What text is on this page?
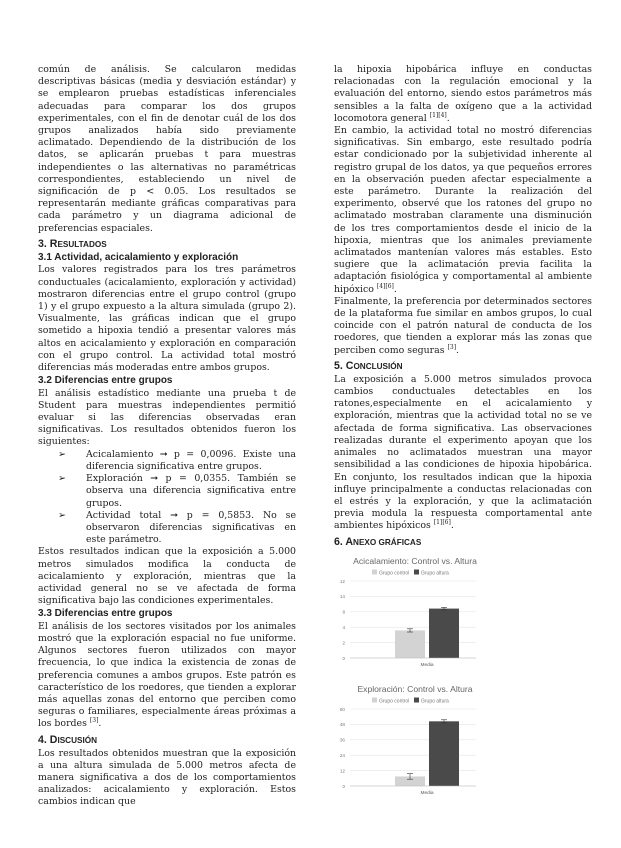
común de análisis. Se calcularon medidas descriptivas básicas (media y desviación estándar) y se emplearon pruebas estadísticas inferenciales adecuadas para comparar los dos grupos experimentales, con el fin de denotar cuál de los dos grupos analizados había sido previamente aclimatado. Dependiendo de la distribución de los datos, se aplicarán pruebas t para muestras independientes o las alternativas no paramétricas correspondientes, estableciendo un nivel de significación de p < 0.05. Los resultados se representarán mediante gráficas comparativas para cada parámetro y un diagrama adicional de preferencias espaciales.

3. RESULTADOS
3.1 Actividad, acicalamiento y exploración

Los valores registrados para los tres parámetros conductuales (acicalamiento, exploración y actividad) mostraron diferencias entre el grupo control (grupo 1) y el grupo expuesto a la altura simulada (grupo 2). Visualmente, las gráficas indican que el grupo sometido a hipoxia tendió a presentar valores más altos en acicalamiento y exploración en comparación con el grupo control. La actividad total mostró diferencias más moderadas entre ambos grupos.

3.2 Diferencias entre grupos

El análisis estadístico mediante una prueba t de Student para muestras independientes permitió evaluar si las diferencias observadas eran significativas. Los resultados obtenidos fueron los siguientes:

➢ Acicalamiento ➞ p = 0,0096. Existe una diferencia significativa entre grupos.
➢ Exploración ➞ p = 0,0355. También se observa una diferencia significativa entre grupos.
➢ Actividad total ➞ p = 0,5853. No se observaron diferencias significativas en este parámetro.

Estos resultados indican que la exposición a 5.000 metros simulados modifica la conducta de acicalamiento y exploración, mientras que la actividad general no se ve afectada de forma significativa bajo las condiciones experimentales.

3.3 Diferencias entre grupos

El análisis de los sectores visitados por los animales mostró que la exploración espacial no fue uniforme. Algunos sectores fueron utilizados con mayor frecuencia, lo que indica la existencia de zonas de preferencia comunes a ambos grupos. Este patrón es característico de los roedores, que tienden a explorar más aquellas zonas del entorno que perciben como seguras o familiares, especialmente áreas próximas a los bordes [3].

4. DISCUSIÓN

Los resultados obtenidos muestran que la exposición a una altura simulada de 5.000 metros afecta de manera significativa a dos de los comportamientos analizados: acicalamiento y exploración. Estos cambios indican que

la hipoxia hipobárica influye en conductas relacionadas con la regulación emocional y la evaluación del entorno, siendo estos parámetros más sensibles a la falta de oxígeno que a la actividad locomotora general [1][4].

En cambio, la actividad total no mostró diferencias significativas. Sin embargo, este resultado podría estar condicionado por la subjetividad inherente al registro grupal de los datos, ya que pequeños errores en la observación pueden afectar especialmente a este parámetro. Durante la realización del experimento, observé que los ratones del grupo no aclimatado mostraban claramente una disminución de los tres comportamientos desde el inicio de la hipoxia, mientras que los animales previamente aclimatados mantenían valores más estables. Esto sugiere que la aclimatación previa facilita la adaptación fisiológica y comportamental al ambiente hipóxico [4][6].

Finalmente, la preferencia por determinados sectores de la plataforma fue similar en ambos grupos, lo cual coincide con el patrón natural de conducta de los roedores, que tienden a explorar más las zonas que perciben como seguras [3].

5. CONCLUSIÓN

La exposición a 5.000 metros simulados provoca cambios conductuales detectables en los ratones,especialmente en el acicalamiento y exploración, mientras que la actividad total no se ve afectada de forma significativa. Las observaciones realizadas durante el experimento apoyan que los animales no aclimatados muestran una mayor sensibilidad a las condiciones de hipoxia hipobárica. En conjunto, los resultados indican que la hipoxia influye principalmente a conductas relacionadas con el estrés y la exploración, y que la aclimatación previa modula la respuesta comportamental ante ambientes hipóxicos [1][6].

6. ANEXO GRÁFICAS
Acicalamiento: Control vs. Altura
Grupo control Grupo altura
0
2
4
8
14
12
Media
Exploración: Control vs. Altura
Grupo control Grupo altura
0
12
24
36
48
60
Media
